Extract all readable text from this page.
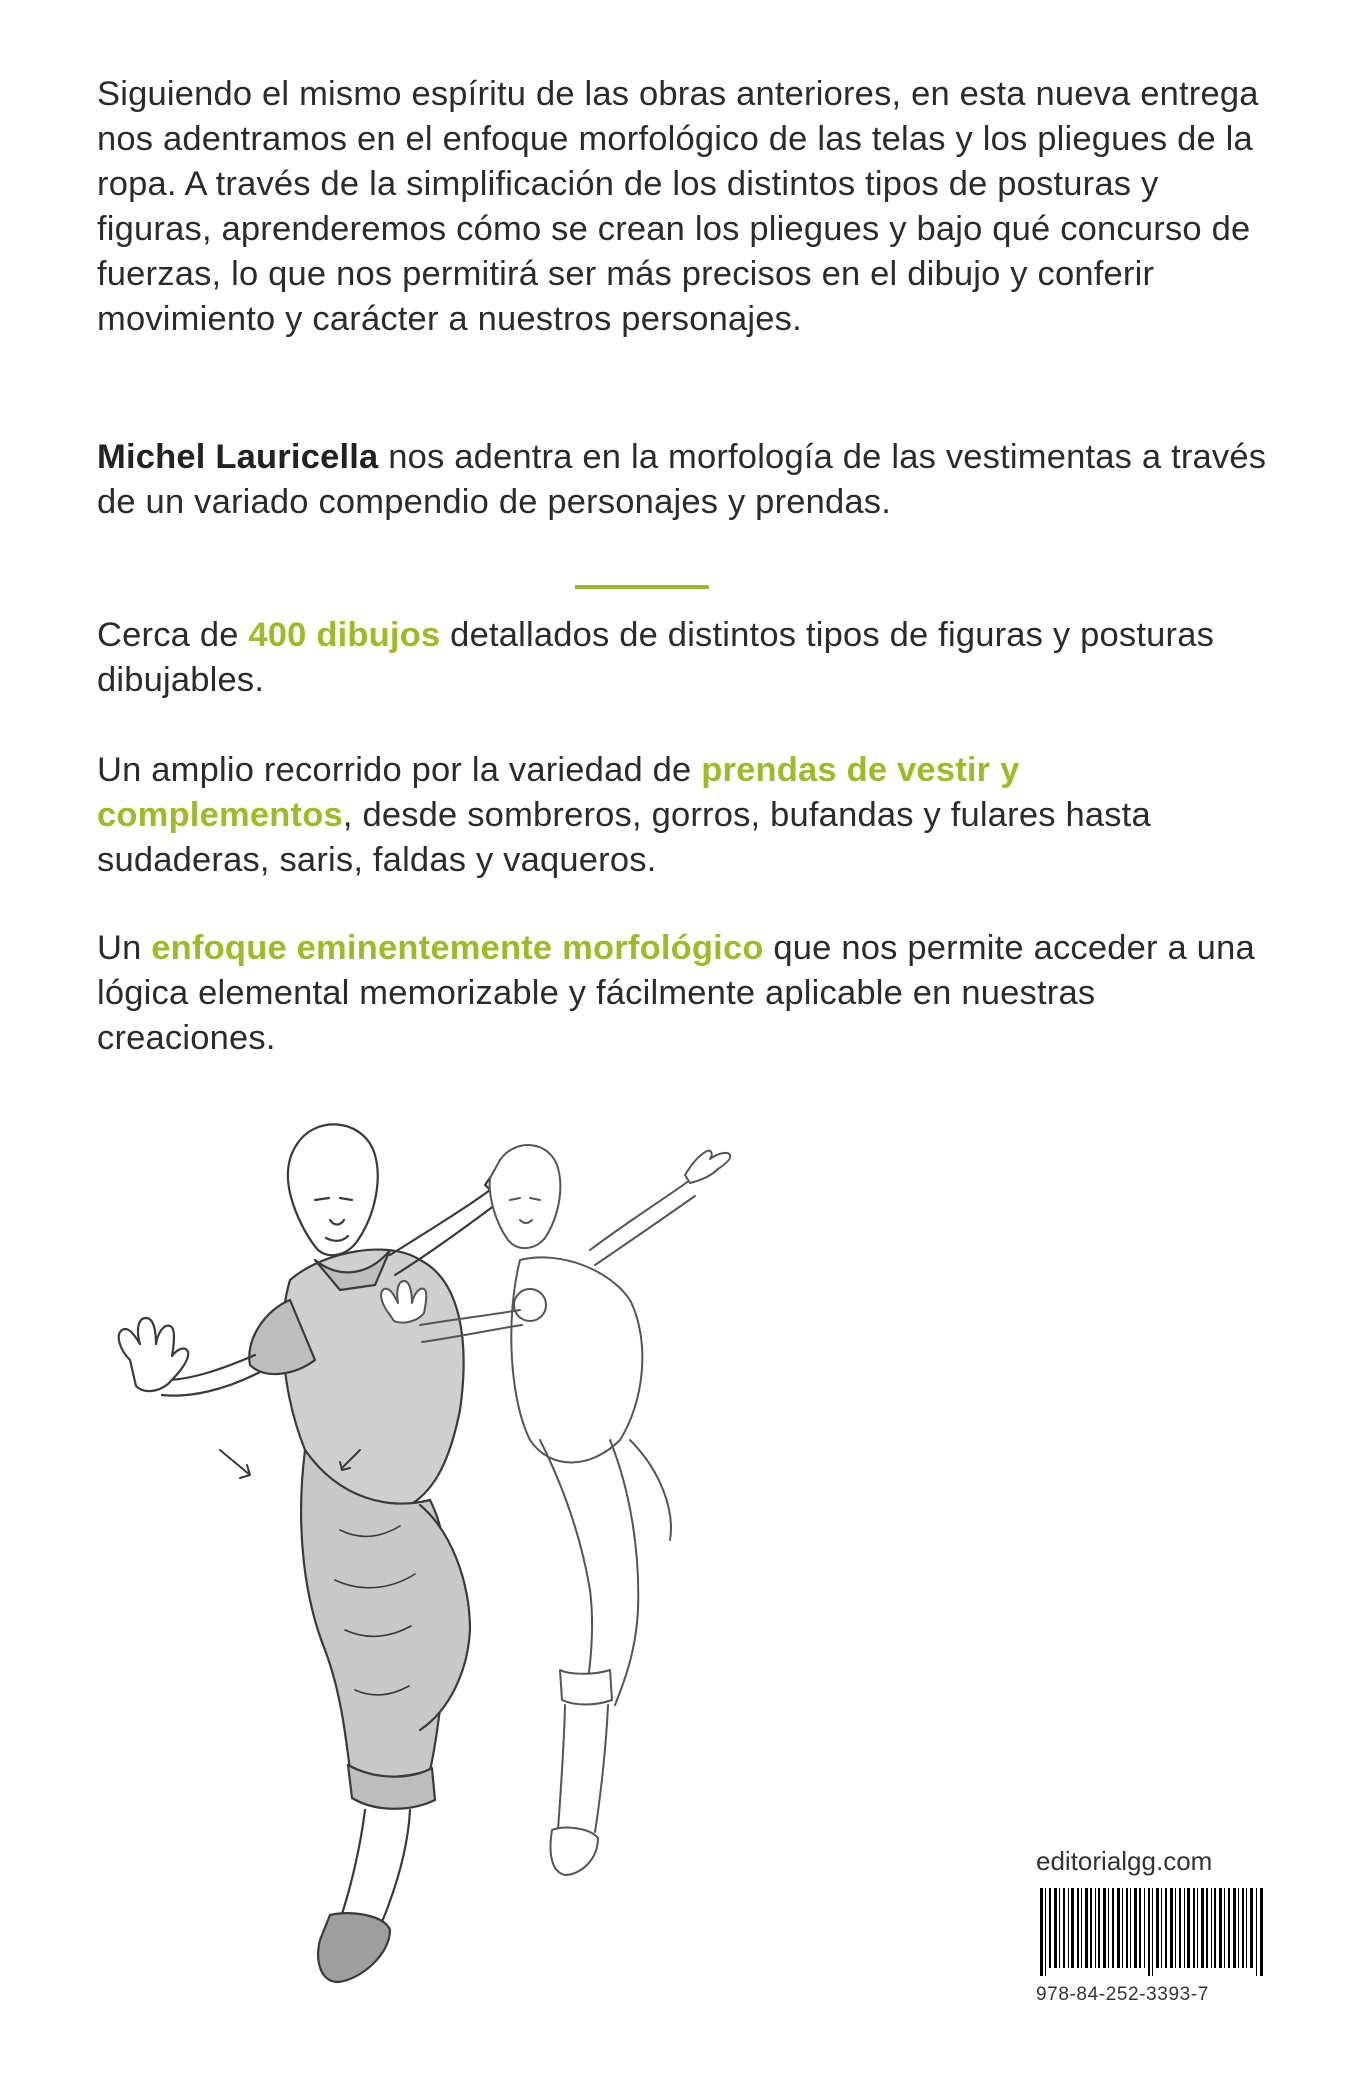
Siguiendo el mismo espíritu de las obras anteriores, en esta nueva entrega nos adentramos en el enfoque morfológico de las telas y los pliegues de la ropa. A través de la simplificación de los distintos tipos de posturas y figuras, aprenderemos cómo se crean los pliegues y bajo qué concurso de fuerzas, lo que nos permitirá ser más precisos en el dibujo y conferir movimiento y carácter a nuestros personajes.
Michel Lauricella nos adentra en la morfología de las vestimentas a través de un variado compendio de personajes y prendas.
Cerca de 400 dibujos detallados de distintos tipos de figuras y posturas dibujables.
Un amplio recorrido por la variedad de prendas de vestir y complementos, desde sombreros, gorros, bufandas y fulares hasta sudaderas, saris, faldas y vaqueros.
Un enfoque eminentemente morfológico que nos permite acceder a una lógica elemental memorizable y fácilmente aplicable en nuestras creaciones.
editorialgg.com
978-84-252-3393-7
